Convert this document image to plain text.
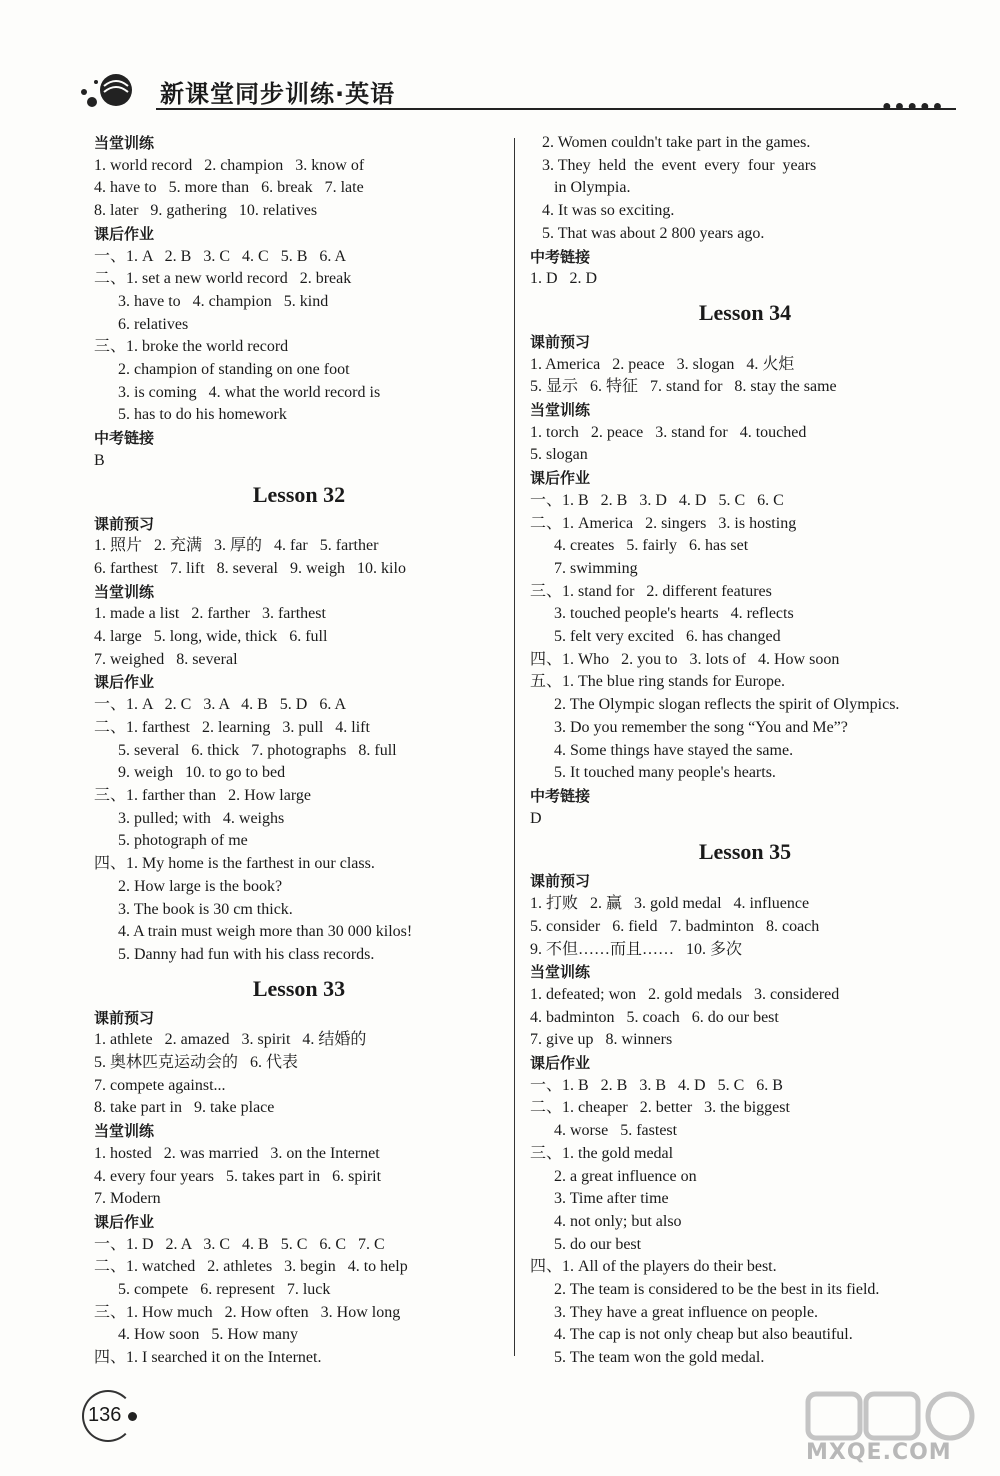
新课堂同步训练·英语	●●●●●
当堂训练
1. world record   2. champion   3. know of
4. have to   5. more than   6. break   7. late
8. later   9. gathering   10. relatives
课后作业
一、1. A   2. B   3. C   4. C   5. B   6. A
二、1. set a new world record   2. break
3. have to   4. champion   5. kind
6. relatives
三、1. broke the world record
2. champion of standing on one foot
3. is coming   4. what the world record is
5. has to do his homework
中考链接
B
Lesson 32
课前预习
1. 照片   2. 充满   3. 厚的   4. far   5. farther
6. farthest   7. lift   8. several   9. weigh   10. kilo
当堂训练
1. made a list   2. farther   3. farthest
4. large   5. long, wide, thick   6. full
7. weighed   8. several
课后作业
一、1. A   2. C   3. A   4. B   5. D   6. A
二、1. farthest   2. learning   3. pull   4. lift
5. several   6. thick   7. photographs   8. full
9. weigh   10. to go to bed
三、1. farther than   2. How large
3. pulled; with   4. weighs
5. photograph of me
四、1. My home is the farthest in our class.
2. How large is the book?
3. The book is 30 cm thick.
4. A train must weigh more than 30 000 kilos!
5. Danny had fun with his class records.
Lesson 33
课前预习
1. athlete   2. amazed   3. spirit   4. 结婚的
5. 奥林匹克运动会的   6. 代表
7. compete against...
8. take part in   9. take place
当堂训练
1. hosted   2. was married   3. on the Internet
4. every four years   5. takes part in   6. spirit
7. Modern
课后作业
一、1. D   2. A   3. C   4. B   5. C   6. C   7. C
二、1. watched   2. athletes   3. begin   4. to help
5. compete   6. represent   7. luck
三、1. How much   2. How often   3. How long
4. How soon   5. How many
四、1. I searched it on the Internet.
2. Women couldn't take part in the games.
3. They  held  the  event  every  four  years
in Olympia.
4. It was so exciting.
5. That was about 2 800 years ago.
中考链接
1. D   2. D
Lesson 34
课前预习
1. America   2. peace   3. slogan   4. 火炬
5. 显示   6. 特征   7. stand for   8. stay the same
当堂训练
1. torch   2. peace   3. stand for   4. touched
5. slogan
课后作业
一、1. B   2. B   3. D   4. D   5. C   6. C
二、1. America   2. singers   3. is hosting
4. creates   5. fairly   6. has set
7. swimming
三、1. stand for   2. different features
3. touched people's hearts   4. reflects
5. felt very excited   6. has changed
四、1. Who   2. you to   3. lots of   4. How soon
五、1. The blue ring stands for Europe.
2. The Olympic slogan reflects the spirit of Olympics.
3. Do you remember the song “You and Me”?
4. Some things have stayed the same.
5. It touched many people's hearts.
中考链接
D
Lesson 35
课前预习
1. 打败   2. 赢   3. gold medal   4. influence
5. consider   6. field   7. badminton   8. coach
9. 不但……而且……   10. 多次
当堂训练
1. defeated; won   2. gold medals   3. considered
4. badminton   5. coach   6. do our best
7. give up   8. winners
课后作业
一、1. B   2. B   3. B   4. D   5. C   6. B
二、1. cheaper   2. better   3. the biggest
4. worse   5. fastest
三、1. the gold medal
2. a great influence on
3. Time after time
4. not only; but also
5. do our best
四、1. All of the players do their best.
2. The team is considered to be the best in its field.
3. They have a great influence on people.
4. The cap is not only cheap but also beautiful.
5. The team won the gold medal.
136
MXQE.COM
